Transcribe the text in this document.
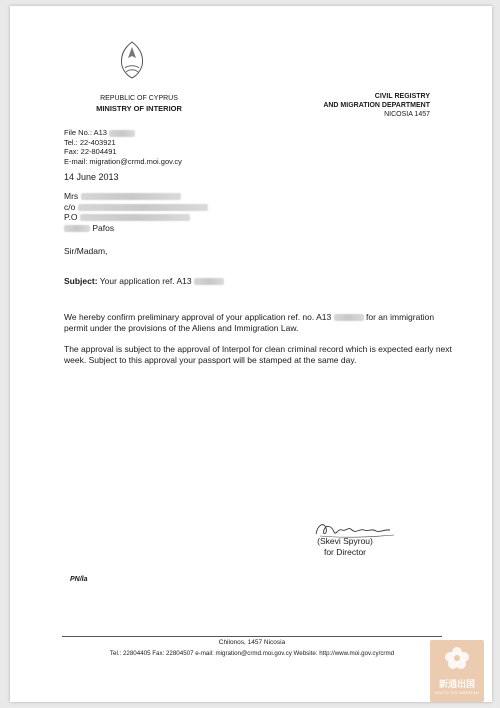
REPUBLIC OF CYPRUS
MINISTRY OF INTERIOR
CIVIL REGISTRY
AND MIGRATION DEPARTMENT
NICOSIA 1457
File No.: A13
Tel.: 22-403921
Fax: 22-804491
E-mail: migration@crmd.moi.gov.cy
14 June 2013
Mrs
c/o
P.O
Pafos
Sir/Madam,
Subject: Your application ref. A13
We hereby confirm preliminary approval of your application ref. no. A13	for an immigration permit under the provisions of the Aliens and Immigration Law.
The approval is subject to the approval of Interpol for clean criminal record which is expected early next week. Subject to this approval your passport will be stamped at the same day.
(Skevi Spyrou)
for Director
PN/la
Chilonos, 1457 Nicosia
Tel.: 22804405 Fax: 22804507 e-mail: migration@crmd.moi.gov.cy Website: http://www.moi.gov.cy/crmd
新通出国
XINTO GO ABROAD
